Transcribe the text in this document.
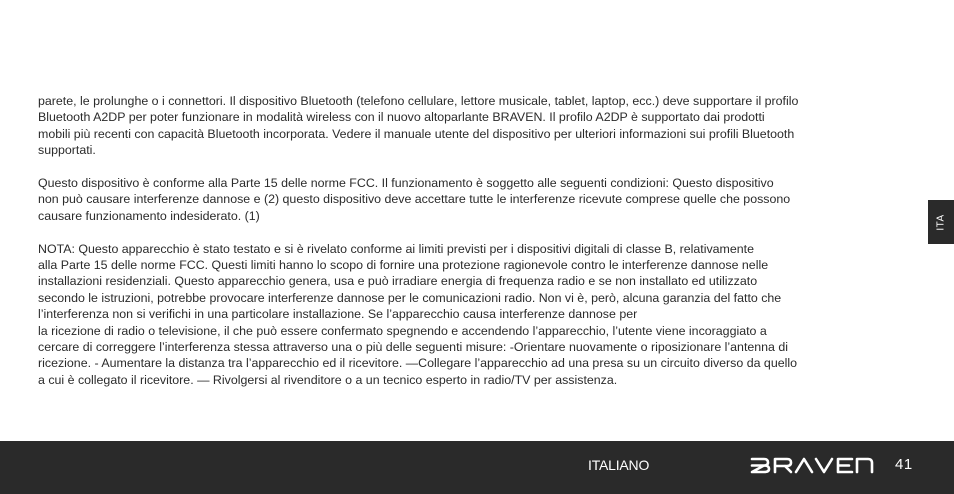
parete, le prolunghe o i connettori. Il dispositivo Bluetooth (telefono cellulare, lettore musicale, tablet, laptop, ecc.) deve supportare il profilo
Bluetooth A2DP per poter funzionare in modalità wireless con il nuovo altoparlante BRAVEN. Il profilo A2DP è supportato dai prodotti
mobili più recenti con capacità Bluetooth incorporata. Vedere il manuale utente del dispositivo per ulteriori informazioni sui profili Bluetooth
supportati.

Questo dispositivo è conforme alla Parte 15 delle norme FCC. Il funzionamento è soggetto alle seguenti condizioni: Questo dispositivo
non può causare interferenze dannose e (2) questo dispositivo deve accettare tutte le interferenze ricevute comprese quelle che possono
causare funzionamento indesiderato. (1)

NOTA: Questo apparecchio è stato testato e si è rivelato conforme ai limiti previsti per i dispositivi digitali di classe B, relativamente
alla Parte 15 delle norme FCC. Questi limiti hanno lo scopo di fornire una protezione ragionevole contro le interferenze dannose nelle
installazioni residenziali. Questo apparecchio genera, usa e può irradiare energia di frequenza radio e se non installato ed utilizzato
secondo le istruzioni, potrebbe provocare interferenze dannose per le comunicazioni radio. Non vi è, però, alcuna garanzia del fatto che
l’interferenza non si verifichi in una particolare installazione. Se l’apparecchio causa interferenze dannose per
la ricezione di radio o televisione, il che può essere confermato spegnendo e accendendo l’apparecchio, l’utente viene incoraggiato a
cercare di correggere l’interferenza stessa attraverso una o più delle seguenti misure: -Orientare nuovamente o riposizionare l’antenna di
ricezione. - Aumentare la distanza tra l’apparecchio ed il ricevitore. —Collegare l’apparecchio ad una presa su un circuito diverso da quello
a cui è collegato il ricevitore. — Rivolgersi al rivenditore o a un tecnico esperto in radio/TV per assistenza.

ITA
ITALIANO	41
